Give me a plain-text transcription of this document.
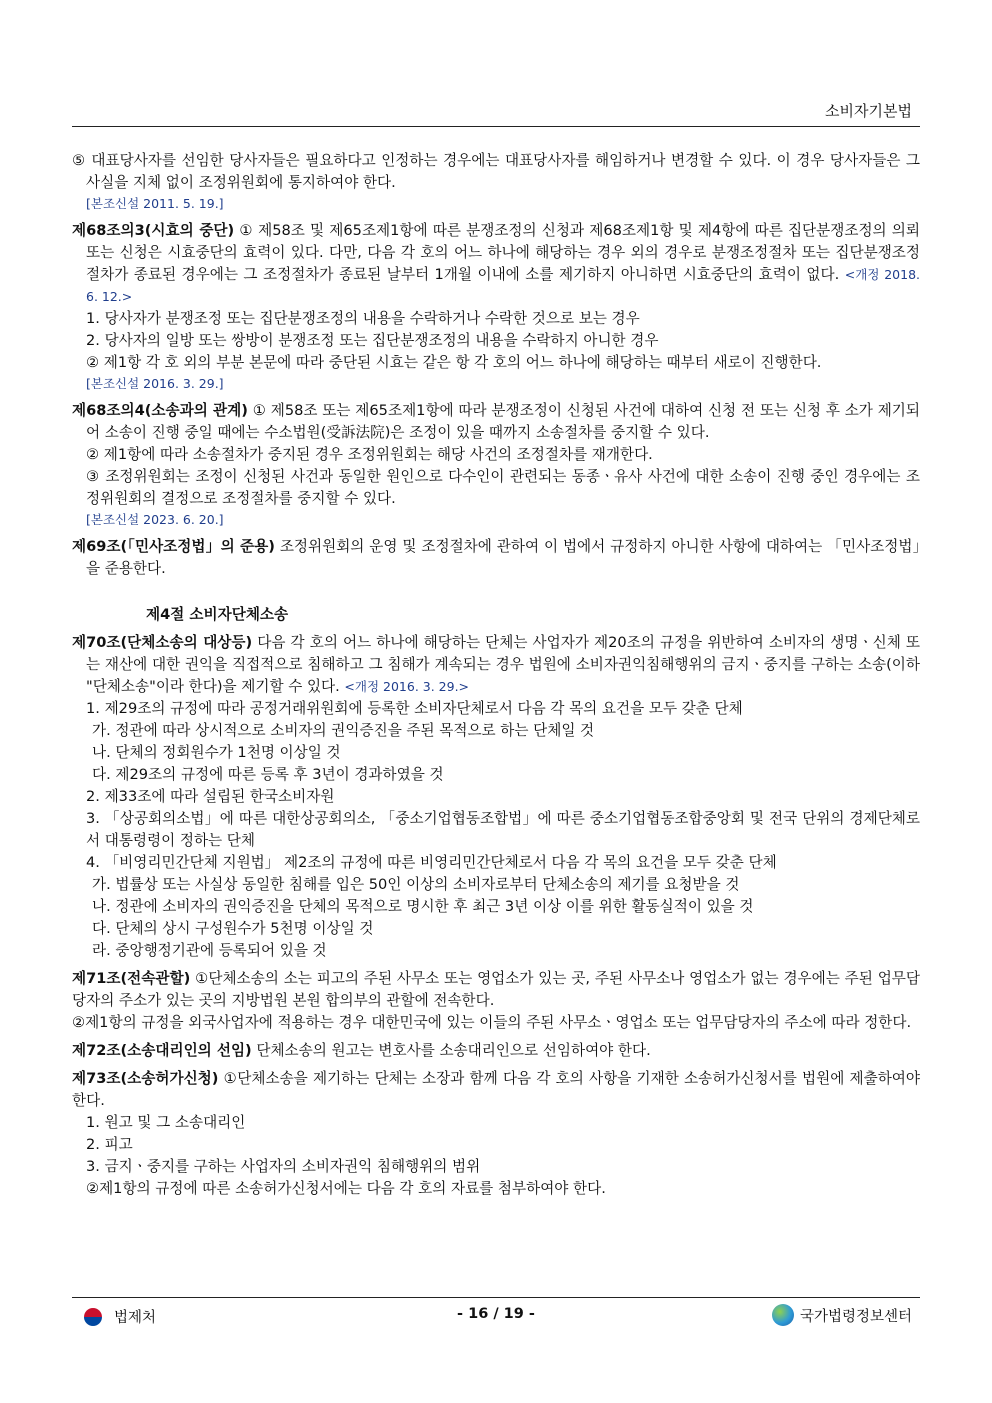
소비자기본법
⑤ 대표당사자를 선임한 당사자들은 필요하다고 인정하는 경우에는 대표당사자를 해임하거나 변경할 수 있다. 이 경우 당사자들은 그 사실을 지체 없이 조정위원회에 통지하여야 한다.
[본조신설 2011. 5. 19.]
제68조의3(시효의 중단) ① 제58조 및 제65조제1항에 따른 분쟁조정의 신청과 제68조제1항 및 제4항에 따른 집단분쟁조정의 의뢰 또는 신청은 시효중단의 효력이 있다. 다만, 다음 각 호의 어느 하나에 해당하는 경우 외의 경우로 분쟁조정절차 또는 집단분쟁조정절차가 종료된 경우에는 그 조정절차가 종료된 날부터 1개월 이내에 소를 제기하지 아니하면 시효중단의 효력이 없다. <개정 2018. 6. 12.>
1. 당사자가 분쟁조정 또는 집단분쟁조정의 내용을 수락하거나 수락한 것으로 보는 경우
2. 당사자의 일방 또는 쌍방이 분쟁조정 또는 집단분쟁조정의 내용을 수락하지 아니한 경우
② 제1항 각 호 외의 부분 본문에 따라 중단된 시효는 같은 항 각 호의 어느 하나에 해당하는 때부터 새로이 진행한다.
[본조신설 2016. 3. 29.]
제68조의4(소송과의 관계) ① 제58조 또는 제65조제1항에 따라 분쟁조정이 신청된 사건에 대하여 신청 전 또는 신청 후 소가 제기되어 소송이 진행 중일 때에는 수소법원(受訴法院)은 조정이 있을 때까지 소송절차를 중지할 수 있다.
② 제1항에 따라 소송절차가 중지된 경우 조정위원회는 해당 사건의 조정절차를 재개한다.
③ 조정위원회는 조정이 신청된 사건과 동일한 원인으로 다수인이 관련되는 동종ㆍ유사 사건에 대한 소송이 진행 중인 경우에는 조정위원회의 결정으로 조정절차를 중지할 수 있다.
[본조신설 2023. 6. 20.]
제69조(「민사조정법」의 준용) 조정위원회의 운영 및 조정절차에 관하여 이 법에서 규정하지 아니한 사항에 대하여는 「민사조정법」을 준용한다.
제4절 소비자단체소송
제70조(단체소송의 대상등) 다음 각 호의 어느 하나에 해당하는 단체는 사업자가 제20조의 규정을 위반하여 소비자의 생명ㆍ신체 또는 재산에 대한 권익을 직접적으로 침해하고 그 침해가 계속되는 경우 법원에 소비자권익침해행위의 금지ㆍ중지를 구하는 소송(이하 "단체소송"이라 한다)을 제기할 수 있다. <개정 2016. 3. 29.>
1. 제29조의 규정에 따라 공정거래위원회에 등록한 소비자단체로서 다음 각 목의 요건을 모두 갖춘 단체
가. 정관에 따라 상시적으로 소비자의 권익증진을 주된 목적으로 하는 단체일 것
나. 단체의 정회원수가 1천명 이상일 것
다. 제29조의 규정에 따른 등록 후 3년이 경과하였을 것
2. 제33조에 따라 설립된 한국소비자원
3. 「상공회의소법」에 따른 대한상공회의소, 「중소기업협동조합법」에 따른 중소기업협동조합중앙회 및 전국 단위의 경제단체로서 대통령령이 정하는 단체
4. 「비영리민간단체 지원법」 제2조의 규정에 따른 비영리민간단체로서 다음 각 목의 요건을 모두 갖춘 단체
가. 법률상 또는 사실상 동일한 침해를 입은 50인 이상의 소비자로부터 단체소송의 제기를 요청받을 것
나. 정관에 소비자의 권익증진을 단체의 목적으로 명시한 후 최근 3년 이상 이를 위한 활동실적이 있을 것
다. 단체의 상시 구성원수가 5천명 이상일 것
라. 중앙행정기관에 등록되어 있을 것
제71조(전속관할) ①단체소송의 소는 피고의 주된 사무소 또는 영업소가 있는 곳, 주된 사무소나 영업소가 없는 경우에는 주된 업무담당자의 주소가 있는 곳의 지방법원 본원 합의부의 관할에 전속한다.
②제1항의 규정을 외국사업자에 적용하는 경우 대한민국에 있는 이들의 주된 사무소ㆍ영업소 또는 업무담당자의 주소에 따라 정한다.
제72조(소송대리인의 선임) 단체소송의 원고는 변호사를 소송대리인으로 선임하여야 한다.
제73조(소송허가신청) ①단체소송을 제기하는 단체는 소장과 함께 다음 각 호의 사항을 기재한 소송허가신청서를 법원에 제출하여야 한다.
1. 원고 및 그 소송대리인
2. 피고
3. 금지ㆍ중지를 구하는 사업자의 소비자권익 침해행위의 범위
②제1항의 규정에 따른 소송허가신청서에는 다음 각 호의 자료를 첨부하여야 한다.
법제처	- 16 / 19 -	국가법령정보센터
